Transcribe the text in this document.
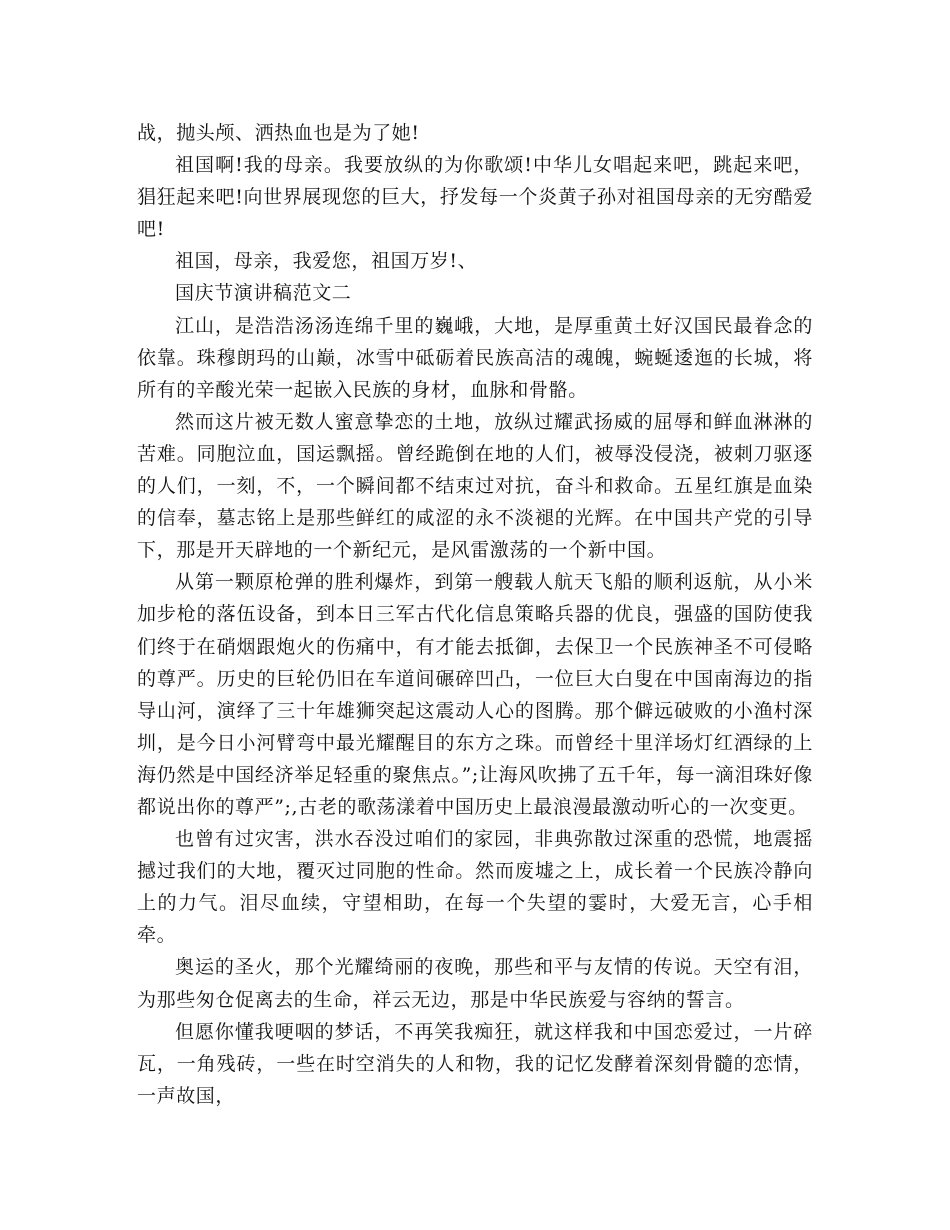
战，抛头颅、洒热血也是为了她!

祖国啊!我的母亲。我要放纵的为你歌颂!中华儿女唱起来吧，跳起来吧，猖狂起来吧!向世界展现您的巨大，抒发每一个炎黄子孙对祖国母亲的无穷酷爱吧!

祖国，母亲，我爱您，祖国万岁!、

国庆节演讲稿范文二

江山，是浩浩汤汤连绵千里的巍峨，大地，是厚重黄土好汉国民最眷念的依靠。珠穆朗玛的山巅，冰雪中砥砺着民族高洁的魂魄，蜿蜒逶迤的长城，将所有的辛酸光荣一起嵌入民族的身材，血脉和骨骼。

然而这片被无数人蜜意挚恋的土地，放纵过耀武扬威的屈辱和鲜血淋淋的苦难。同胞泣血，国运飘摇。曾经跪倒在地的人们，被辱没侵浇，被刺刀驱逐的人们，一刻，不，一个瞬间都不结束过对抗，奋斗和救命。五星红旗是血染的信奉，墓志铭上是那些鲜红的咸涩的永不淡褪的光辉。在中国共产党的引导下，那是开天辟地的一个新纪元，是风雷激荡的一个新中国。

从第一颗原枪弹的胜利爆炸，到第一艘载人航天飞船的顺利返航，从小米加步枪的落伍设备，到本日三军古代化信息策略兵器的优良，强盛的国防使我们终于在硝烟跟炮火的伤痛中，有才能去抵御，去保卫一个民族神圣不可侵略的尊严。历史的巨轮仍旧在车道间碾碎凹凸，一位巨大白叟在中国南海边的指导山河，演绎了三十年雄狮突起这震动人心的图腾。那个僻远破败的小渔村深圳，是今日小河臂弯中最光耀醒目的东方之珠。而曾经十里洋场灯红酒绿的上海仍然是中国经济举足轻重的聚焦点。”;让海风吹拂了五千年，每一滴泪珠好像都说出你的尊严”;,古老的歌荡漾着中国历史上最浪漫最激动听心的一次变更。

也曾有过灾害，洪水吞没过咱们的家园，非典弥散过深重的恐慌，地震摇撼过我们的大地，覆灭过同胞的性命。然而废墟之上，成长着一个民族冷静向上的力气。泪尽血续，守望相助，在每一个失望的霎时，大爱无言，心手相牵。

奥运的圣火，那个光耀绮丽的夜晚，那些和平与友情的传说。天空有泪，为那些匆仓促离去的生命，祥云无边，那是中华民族爱与容纳的誓言。

但愿你懂我哽咽的梦话，不再笑我痴狂，就这样我和中国恋爱过，一片碎瓦，一角残砖，一些在时空消失的人和物，我的记忆发酵着深刻骨髓的恋情，一声故国，
